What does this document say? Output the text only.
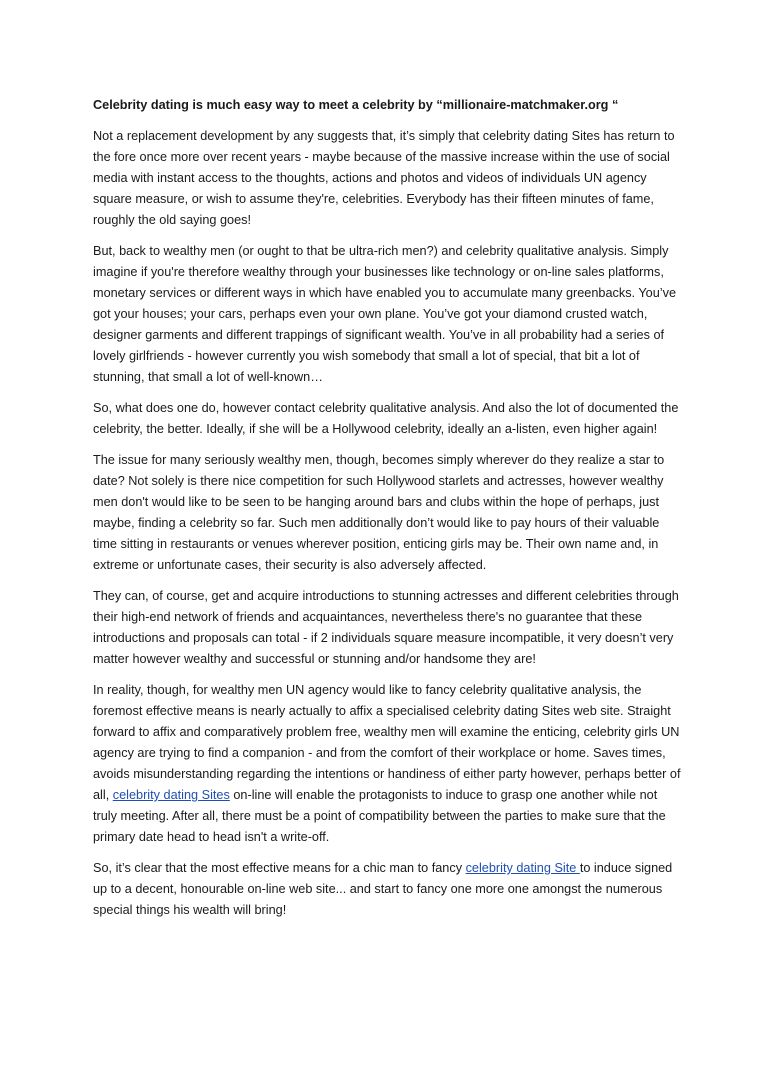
Celebrity dating is much easy way to meet a celebrity by “millionaire-matchmaker.org “

Not a replacement development by any suggests that, it’s simply that celebrity dating Sites has return to the fore once more over recent years - maybe because of the massive increase within the use of social media with instant access to the thoughts, actions and photos and videos of individuals UN agency square measure, or wish to assume they're, celebrities. Everybody has their fifteen minutes of fame, roughly the old saying goes!

But, back to wealthy men (or ought to that be ultra-rich men?) and celebrity qualitative analysis. Simply imagine if you're therefore wealthy through your businesses like technology or on-line sales platforms, monetary services or different ways in which have enabled you to accumulate many greenbacks. You’ve got your houses; your cars, perhaps even your own plane. You’ve got your diamond crusted watch, designer garments and different trappings of significant wealth. You’ve in all probability had a series of lovely girlfriends - however currently you wish somebody that small a lot of special, that bit a lot of stunning, that small a lot of well-known…

So, what does one do, however contact celebrity qualitative analysis. And also the lot of documented the celebrity, the better. Ideally, if she will be a Hollywood celebrity, ideally an a-listen, even higher again!

The issue for many seriously wealthy men, though, becomes simply wherever do they realize a star to date? Not solely is there nice competition for such Hollywood starlets and actresses, however wealthy men don't would like to be seen to be hanging around bars and clubs within the hope of perhaps, just maybe, finding a celebrity so far. Such men additionally don’t would like to pay hours of their valuable time sitting in restaurants or venues wherever position, enticing girls may be. Their own name and, in extreme or unfortunate cases, their security is also adversely affected.

They can, of course, get and acquire introductions to stunning actresses and different celebrities through their high-end network of friends and acquaintances, nevertheless there's no guarantee that these introductions and proposals can total - if 2 individuals square measure incompatible, it very doesn’t very matter however wealthy and successful or stunning and/or handsome they are!

In reality, though, for wealthy men UN agency would like to fancy celebrity qualitative analysis, the foremost effective means is nearly actually to affix a specialised celebrity dating Sites web site. Straight forward to affix and comparatively problem free, wealthy men will examine the enticing, celebrity girls UN agency are trying to find a companion - and from the comfort of their workplace or home. Saves times, avoids misunderstanding regarding the intentions or handiness of either party however, perhaps better of all, celebrity dating Sites on-line will enable the protagonists to induce to grasp one another while not truly meeting. After all, there must be a point of compatibility between the parties to make sure that the primary date head to head isn't a write-off.

So, it’s clear that the most effective means for a chic man to fancy celebrity dating Site to induce signed up to a decent, honourable on-line web site... and start to fancy one more one amongst the numerous special things his wealth will bring!
